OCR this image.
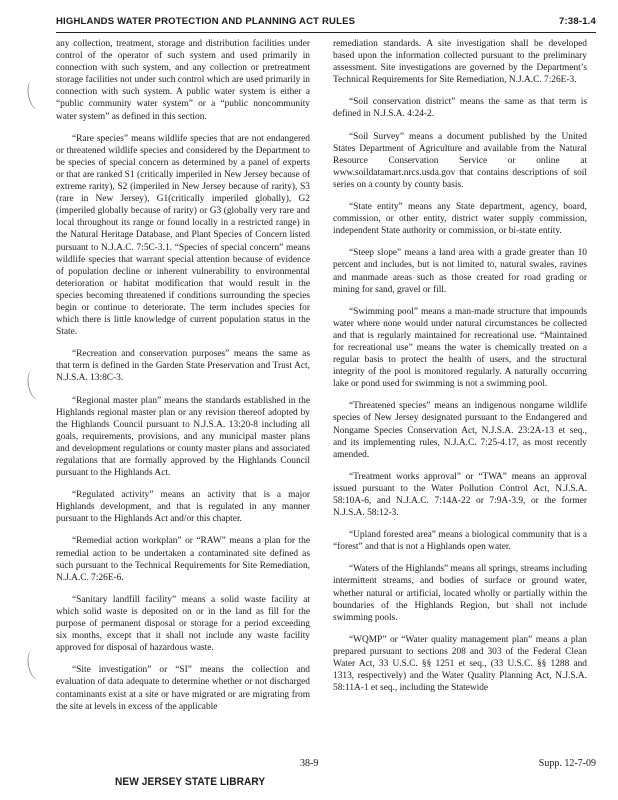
HIGHLANDS WATER PROTECTION AND PLANNING ACT RULES	7:38-1.4

any collection, treatment, storage and distribution facilities under control of the operator of such system and used primarily in connection with such system, and any collection or pretreatment storage facilities not under such control which are used primarily in connection with such system. A public water system is either a “public community water system” or a “public noncommunity water system” as defined in this section.

“Rare species” means wildlife species that are not endangered or threatened wildlife species and considered by the Department to be species of special concern as determined by a panel of experts or that are ranked S1 (critically imperiled in New Jersey because of extreme rarity), S2 (imperiled in New Jersey because of rarity), S3 (rare in New Jersey), G1(critically imperiled globally), G2 (imperiled globally because of rarity) or G3 (globally very rare and local throughout its range or found locally in a restricted range) in the Natural Heritage Database, and Plant Species of Concern listed pursuant to N.J.A.C. 7:5C-3.1. “Species of special concern” means wildlife species that warrant special attention because of evidence of population decline or inherent vulnerability to environmental deterioration or habitat modification that would result in the species becoming threatened if conditions surrounding the species begin or continue to deteriorate. The term includes species for which there is little knowledge of current population status in the State.

“Recreation and conservation purposes” means the same as that term is defined in the Garden State Preservation and Trust Act, N.J.S.A. 13:8C-3.

“Regional master plan” means the standards established in the Highlands regional master plan or any revision thereof adopted by the Highlands Council pursuant to N.J.S.A. 13:20-8 including all goals, requirements, provisions, and any municipal master plans and development regulations or county master plans and associated regulations that are formally approved by the Highlands Council pursuant to the Highlands Act.

“Regulated activity” means an activity that is a major Highlands development, and that is regulated in any manner pursuant to the Highlands Act and/or this chapter.

“Remedial action workplan” or “RAW” means a plan for the remedial action to be undertaken a contaminated site defined as such pursuant to the Technical Requirements for Site Remediation, N.J.A.C. 7:26E-6.

“Sanitary landfill facility” means a solid waste facility at which solid waste is deposited on or in the land as fill for the purpose of permanent disposal or storage for a period exceeding six months, except that it shall not include any waste facility approved for disposal of hazardous waste.

“Site investigation” or “SI” means the collection and evaluation of data adequate to determine whether or not discharged contaminants exist at a site or have migrated or are migrating from the site at levels in excess of the applicable

remediation standards. A site investigation shall be developed based upon the information collected pursuant to the preliminary assessment. Site investigations are governed by the Department’s Technical Requirements for Site Remediation, N.J.A.C. 7:26E-3.

“Soil conservation district” means the same as that term is defined in N.J.S.A. 4:24-2.

“Soil Survey” means a document published by the United States Department of Agriculture and available from the Natural Resource Conservation Service or online at www.soildatamart.nrcs.usda.gov that contains descriptions of soil series on a county by county basis.

“State entity” means any State department, agency, board, commission, or other entity, district water supply commission, independent State authority or commission, or bi-state entity.

“Steep slope” means a land area with a grade greater than 10 percent and includes, but is not limited to, natural swales, ravines and manmade areas such as those created for road grading or mining for sand, gravel or fill.

“Swimming pool” means a man-made structure that impounds water where none would under natural circumstances be collected and that is regularly maintained for recreational use. “Maintained for recreational use” means the water is chemically treated on a regular basis to protect the health of users, and the structural integrity of the pool is monitored regularly. A naturally occurring lake or pond used for swimming is not a swimming pool.

“Threatened species” means an indigenous nongame wildlife species of New Jersey designated pursuant to the Endangered and Nongame Species Conservation Act, N.J.S.A. 23:2A-13 et seq., and its implementing rules, N.J.A.C. 7:25-4.17, as most recently amended.

“Treatment works approval” or “TWA” means an approval issued pursuant to the Water Pollution Control Act, N.J.S.A. 58:10A-6, and N.J.A.C. 7:14A-22 or 7:9A-3.9, or the former N.J.S.A. 58:12-3.

“Upland forested area” means a biological community that is a “forest” and that is not a Highlands open water.

“Waters of the Highlands” means all springs, streams including intermittent streams, and bodies of surface or ground water, whether natural or artificial, located wholly or partially within the boundaries of the Highlands Region, but shall not include swimming pools.

“WQMP” or “Water quality management plan” means a plan prepared pursuant to sections 208 and 303 of the Federal Clean Water Act, 33 U.S.C. §§ 1251 et seq., (33 U.S.C. §§ 1288 and 1313, respectively) and the Water Quality Planning Act, N.J.S.A. 58:11A-1 et seq., including the Statewide

38-9	Supp. 12-7-09
NEW JERSEY STATE LIBRARY
